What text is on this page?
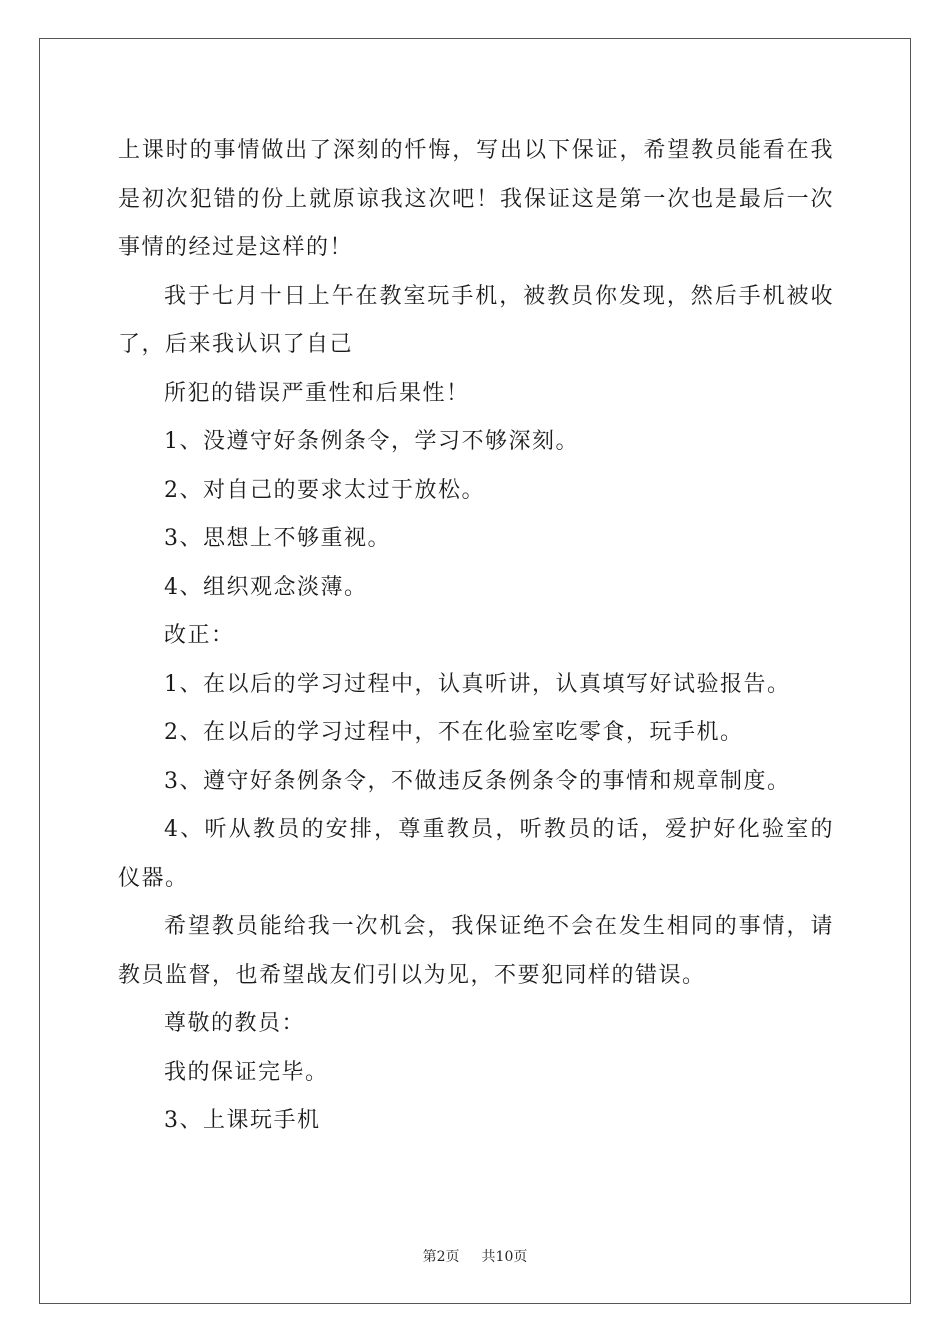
上课时的事情做出了深刻的忏悔，写出以下保证，希望教员能看在我
是初次犯错的份上就原谅我这次吧！我保证这是第一次也是最后一次
事情的经过是这样的！
我于七月十日上午在教室玩手机，被教员你发现，然后手机被收
了，后来我认识了自己
所犯的错误严重性和后果性！
1、没遵守好条例条令，学习不够深刻。
2、对自己的要求太过于放松。
3、思想上不够重视。
4、组织观念淡薄。
改正：
1、在以后的学习过程中，认真听讲，认真填写好试验报告。
2、在以后的学习过程中，不在化验室吃零食，玩手机。
3、遵守好条例条令，不做违反条例条令的事情和规章制度。
4、听从教员的安排，尊重教员，听教员的话，爱护好化验室的
仪器。
希望教员能给我一次机会，我保证绝不会在发生相同的事情，请
教员监督，也希望战友们引以为见，不要犯同样的错误。
尊敬的教员：
我的保证完毕。
3、上课玩手机
第2页 共10页
